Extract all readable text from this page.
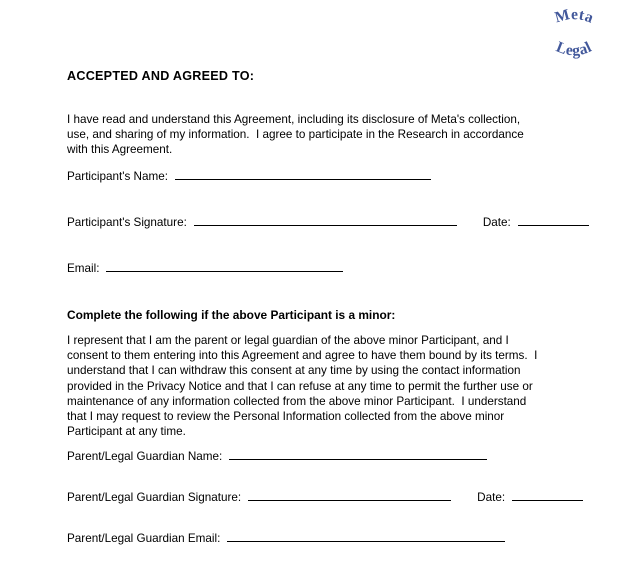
Meta
Legal
ACCEPTED AND AGREED TO:
I have read and understand this Agreement, including its disclosure of Meta's collection, use, and sharing of my information.  I agree to participate in the Research in accordance with this Agreement.
Participant's Name:
Participant's Signature:	Date:
Email:
Complete the following if the above Participant is a minor:
I represent that I am the parent or legal guardian of the above minor Participant, and I consent to them entering into this Agreement and agree to have them bound by its terms.  I understand that I can withdraw this consent at any time by using the contact information provided in the Privacy Notice and that I can refuse at any time to permit the further use or maintenance of any information collected from the above minor Participant.  I understand that I may request to review the Personal Information collected from the above minor Participant at any time.
Parent/Legal Guardian Name:
Parent/Legal Guardian Signature:	Date:
Parent/Legal Guardian Email:
